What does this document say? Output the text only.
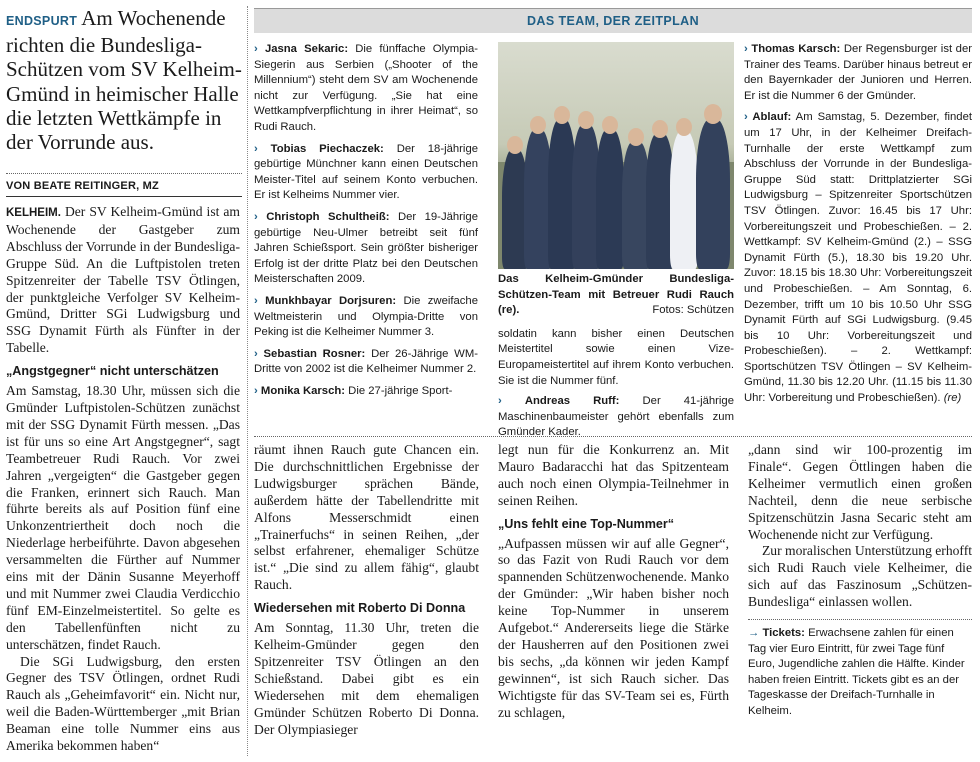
ENDSPURT Am Wochenende richten die Bundesliga-Schützen vom SV Kelheim-Gmünd in heimischer Halle die letzten Wettkämpfe in der Vorrunde aus.
VON BEATE REITINGER, MZ

KELHEIM. Der SV Kelheim-Gmünd ist am Wochenende der Gastgeber zum Abschluss der Vorrunde in der Bundesliga-Gruppe Süd. An die Luftpistolen treten Spitzenreiter der Tabelle TSV Ötlingen, der punktgleiche Verfolger SV Kelheim-Gmünd, Dritter SGi Ludwigsburg und SSG Dynamit Fürth als Fünfter in der Tabelle.

„Angstgegner“ nicht unterschätzen

Am Samstag, 18.30 Uhr, müssen sich die Gmünder Luftpistolen-Schützen zunächst mit der SSG Dynamit Fürth messen. „Das ist für uns so eine Art Angstgegner“, sagt Teambetreuer Rudi Rauch. Vor zwei Jahren „vergeigten“ die Gastgeber gegen die Franken, erinnert sich Rauch. Man führte bereits als auf Position fünf eine Unkonzentriertheit doch noch die Niederlage herbeiführte. Davon abgesehen versammelten die Fürther auf Nummer eins mit der Dänin Susanne Meyerhoff und mit Nummer zwei Claudia Verdicchio fünf EM-Einzelmeistertitel. So gelte es den Tabellenfünften nicht zu unterschätzen, findet Rauch.

Die SGi Ludwigsburg, den ersten Gegner des TSV Ötlingen, ordnet Rudi Rauch als „Geheimfavorit“ ein. Nicht nur, weil die Baden-Württemberger „mit Brian Beaman eine tolle Nummer eins aus Amerika bekommen haben“

DAS TEAM, DER ZEITPLAN

› Jasna Sekaric: Die fünffache Olympia-Siegerin aus Serbien („Shooter of the Millennium“) steht dem SV am Wochenende nicht zur Verfügung. „Sie hat eine Wettkampfverpflichtung in ihrer Heimat“, so Rudi Rauch.

› Tobias Piechaczek: Der 18-jährige gebürtige Münchner kann einen Deutschen Meister-Titel auf seinem Konto verbuchen. Er ist Kelheims Nummer vier.

› Christoph Schultheiß: Der 19-Jährige gebürtige Neu-Ulmer betreibt seit fünf Jahren Schießsport. Sein größter bisheriger Erfolg ist der dritte Platz bei den Deutschen Meisterschaften 2009.

› Munkhbayar Dorjsuren: Die zweifache Weltmeisterin und Olympia-Dritte von Peking ist die Kelheimer Nummer 3.

› Sebastian Rosner: Der 26-Jährige WM-Dritte von 2002 ist die Kelheimer Nummer 2.

› Monika Karsch: Die 27-jährige Sport-

Das Kelheim-Gmünder Bundesliga-Schützen-Team mit Betreuer Rudi Rauch (re).	Fotos: Schützen

soldatin kann bisher einen Deutschen Meistertitel sowie einen Vize-Europameistertitel auf ihrem Konto verbuchen. Sie ist die Nummer fünf.

› Andreas Ruff: Der 41-jährige Maschinenbaumeister gehört ebenfalls zum Gmünder Kader.

› Thomas Karsch: Der Regensburger ist der Trainer des Teams. Darüber hinaus betreut er den Bayernkader der Junioren und Herren. Er ist die Nummer 6 der Gmünder.

› Ablauf: Am Samstag, 5. Dezember, findet um 17 Uhr, in der Kelheimer Dreifach-Turnhalle der erste Wettkampf zum Abschluss der Vorrunde in der Bundesliga-Gruppe Süd statt: Drittplatzierter SGi Ludwigsburg – Spitzenreiter Sportschützen TSV Ötlingen. Zuvor: 16.45 bis 17 Uhr: Vorbereitungszeit und Probeschießen. – 2. Wettkampf: SV Kelheim-Gmünd (2.) – SSG Dynamit Fürth (5.), 18.30 bis 19.20 Uhr. Zuvor: 18.15 bis 18.30 Uhr: Vorbereitungszeit und Probeschießen. – Am Sonntag, 6. Dezember, trifft um 10 bis 10.50 Uhr SSG Dynamit Fürth auf SGi Ludwigsburg. (9.45 bis 10 Uhr: Vorbereitungszeit und Probeschießen). – 2. Wettkampf: Sportschützen TSV Ötlingen – SV Kelheim-Gmünd, 11.30 bis 12.20 Uhr. (11.15 bis 11.30 Uhr: Vorbereitung und Probeschießen). (re)

räumt ihnen Rauch gute Chancen ein. Die durchschnittlichen Ergebnisse der Ludwigsburger sprächen Bände, außerdem hätte der Tabellendritte mit Alfons Messerschmidt einen „Trainerfuchs“ in seinen Reihen, „der selbst erfahrener, ehemaliger Schütze ist.“ „Die sind zu allem fähig“, glaubt Rauch.

Wiedersehen mit Roberto Di Donna

Am Sonntag, 11.30 Uhr, treten die Kelheim-Gmünder gegen den Spitzenreiter TSV Ötlingen an den Schießstand. Dabei gibt es ein Wiedersehen mit dem ehemaligen Gmünder Schützen Roberto Di Donna. Der Olympiasieger

legt nun für die Konkurrenz an. Mit Mauro Badaracchi hat das Spitzenteam auch noch einen Olympia-Teilnehmer in seinen Reihen.

„Uns fehlt eine Top-Nummer“

„Aufpassen müssen wir auf alle Gegner“, so das Fazit von Rudi Rauch vor dem spannenden Schützenwochenende. Manko der Gmünder: „Wir haben bisher noch keine Top-Nummer in unserem Aufgebot.“ Andererseits liege die Stärke der Hausherren auf den Positionen zwei bis sechs, „da können wir jeden Kampf gewinnen“, ist sich Rauch sicher. Das Wichtigste für das SV-Team sei es, Fürth zu schlagen,

„dann sind wir 100-prozentig im Finale“. Gegen Öttlingen haben die Kelheimer vermutlich einen großen Nachteil, denn die neue serbische Spitzenschützin Jasna Secaric steht am Wochenende nicht zur Verfügung.

Zur moralischen Unterstützung erhofft sich Rudi Rauch viele Kelheimer, die sich auf das Faszinosum „Schützen-Bundesliga“ einlassen wollen.

→ Tickets: Erwachsene zahlen für einen Tag vier Euro Eintritt, für zwei Tage fünf Euro, Jugendliche zahlen die Hälfte. Kinder haben freien Eintritt. Tickets gibt es an der Tageskasse der Dreifach-Turnhalle in Kelheim.
